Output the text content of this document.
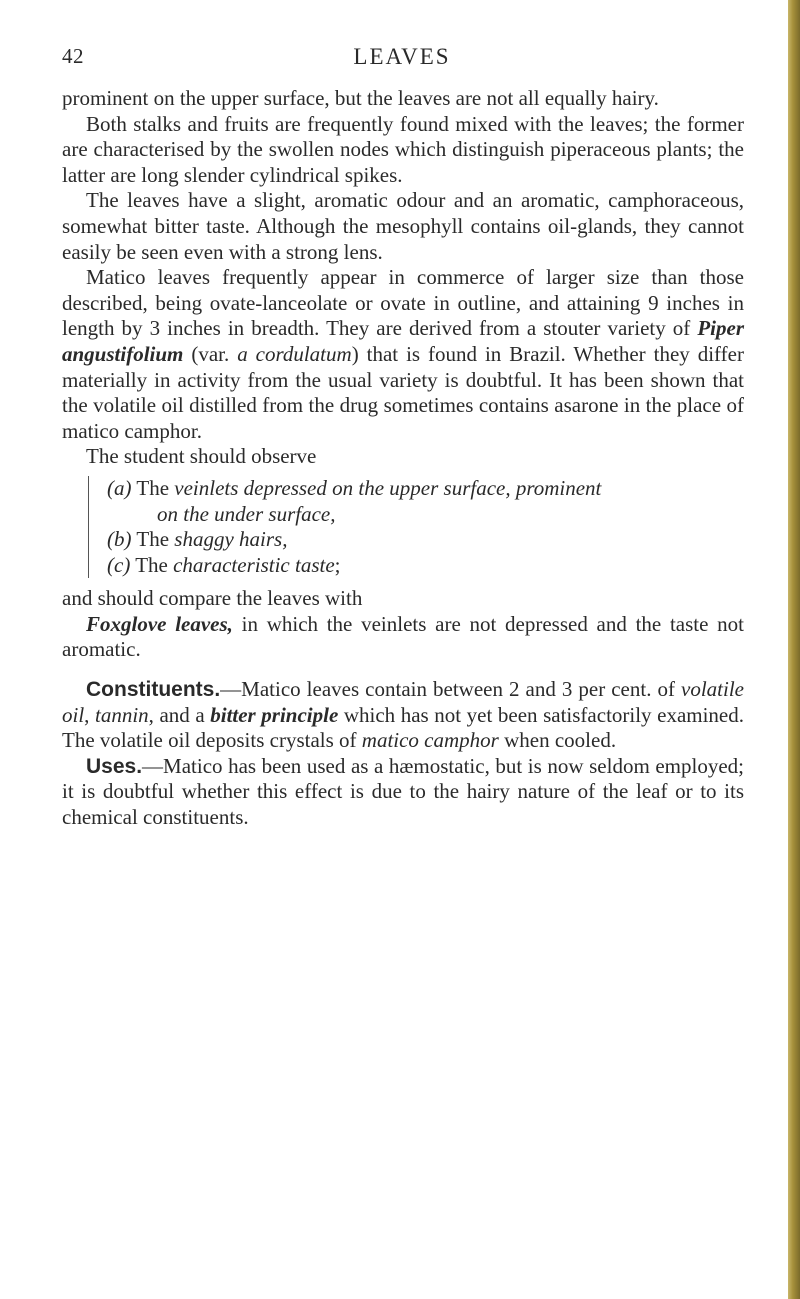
42	LEAVES

prominent on the upper surface, but the leaves are not all equally hairy.

Both stalks and fruits are frequently found mixed with the leaves; the former are characterised by the swollen nodes which distinguish piperaceous plants; the latter are long slender cylindrical spikes.

The leaves have a slight, aromatic odour and an aromatic, camphoraceous, somewhat bitter taste. Although the mesophyll contains oil-glands, they cannot easily be seen even with a strong lens.

Matico leaves frequently appear in commerce of larger size than those described, being ovate-lanceolate or ovate in outline, and attaining 9 inches in length by 3 inches in breadth. They are derived from a stouter variety of Piper angustifolium (var. a cordulatum) that is found in Brazil. Whether they differ materially in activity from the usual variety is doubtful. It has been shown that the volatile oil distilled from the drug sometimes contains asarone in the place of matico camphor.

The student should observe

(a) The veinlets depressed on the upper surface, prominent

on the under surface,

(b) The shaggy hairs,

(c) The characteristic taste;

and should compare the leaves with

Foxglove leaves, in which the veinlets are not depressed and the taste not aromatic.

Constituents.—Matico leaves contain between 2 and 3 per cent. of volatile oil, tannin, and a bitter principle which has not yet been satisfactorily examined. The volatile oil deposits crystals of matico camphor when cooled.

Uses.—Matico has been used as a hæmostatic, but is now seldom employed; it is doubtful whether this effect is due to the hairy nature of the leaf or to its chemical constituents.
